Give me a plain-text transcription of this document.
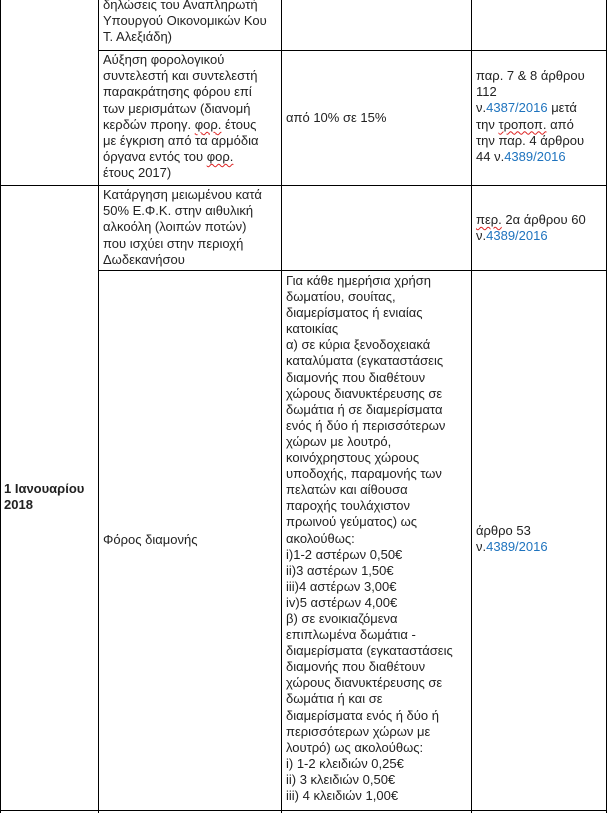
δηλώσεις του Αναπληρωτή
Υπουργού Οικονομικών Κου
Τ. Αλεξιάδη)
Αύξηση φορολογικού
συντελεστή και συντελεστή
παρακράτησης φόρου επί
των μερισμάτων (διανομή
κερδών προηγ. φορ. έτους
με έγκριση από τα αρμόδια
όργανα εντός του φορ.
έτους 2017)
από 10% σε 15%
παρ. 7 & 8 άρθρου
112
ν.4387/2016 μετά
την τροποπ. από
την παρ. 4 άρθρου
44 ν.4389/2016
1 Ιανουαρίου
2018
Κατάργηση μειωμένου κατά
50% Ε.Φ.Κ. στην αιθυλική
αλκοόλη (λοιπών ποτών)
που ισχύει στην περιοχή
Δωδεκανήσου
περ. 2α άρθρου 60
ν.4389/2016
Φόρος διαμονής
Για κάθε ημερήσια χρήση
δωματίου, σουίτας,
διαμερίσματος ή ενιαίας
κατοικίας
α) σε κύρια ξενοδοχειακά
καταλύματα (εγκαταστάσεις
διαμονής που διαθέτουν
χώρους διανυκτέρευσης σε
δωμάτια ή σε διαμερίσματα
ενός ή δύο ή περισσότερων
χώρων με λουτρό,
κοινόχρηστους χώρους
υποδοχής, παραμονής των
πελατών και αίθουσα
παροχής τουλάχιστον
πρωινού γεύματος) ως
ακολούθως:
i)1-2 αστέρων 0,50€
ii)3 αστέρων 1,50€
iii)4 αστέρων 3,00€
iv)5 αστέρων 4,00€
β) σε ενοικιαζόμενα
επιπλωμένα δωμάτια -
διαμερίσματα (εγκαταστάσεις
διαμονής που διαθέτουν
χώρους διανυκτέρευσης σε
δωμάτια ή και σε
διαμερίσματα ενός ή δύο ή
περισσότερων χώρων με
λουτρό) ως ακολούθως:
i) 1-2 κλειδιών 0,25€
ii) 3 κλειδιών 0,50€
iii) 4 κλειδιών 1,00€
άρθρο 53
ν.4389/2016
